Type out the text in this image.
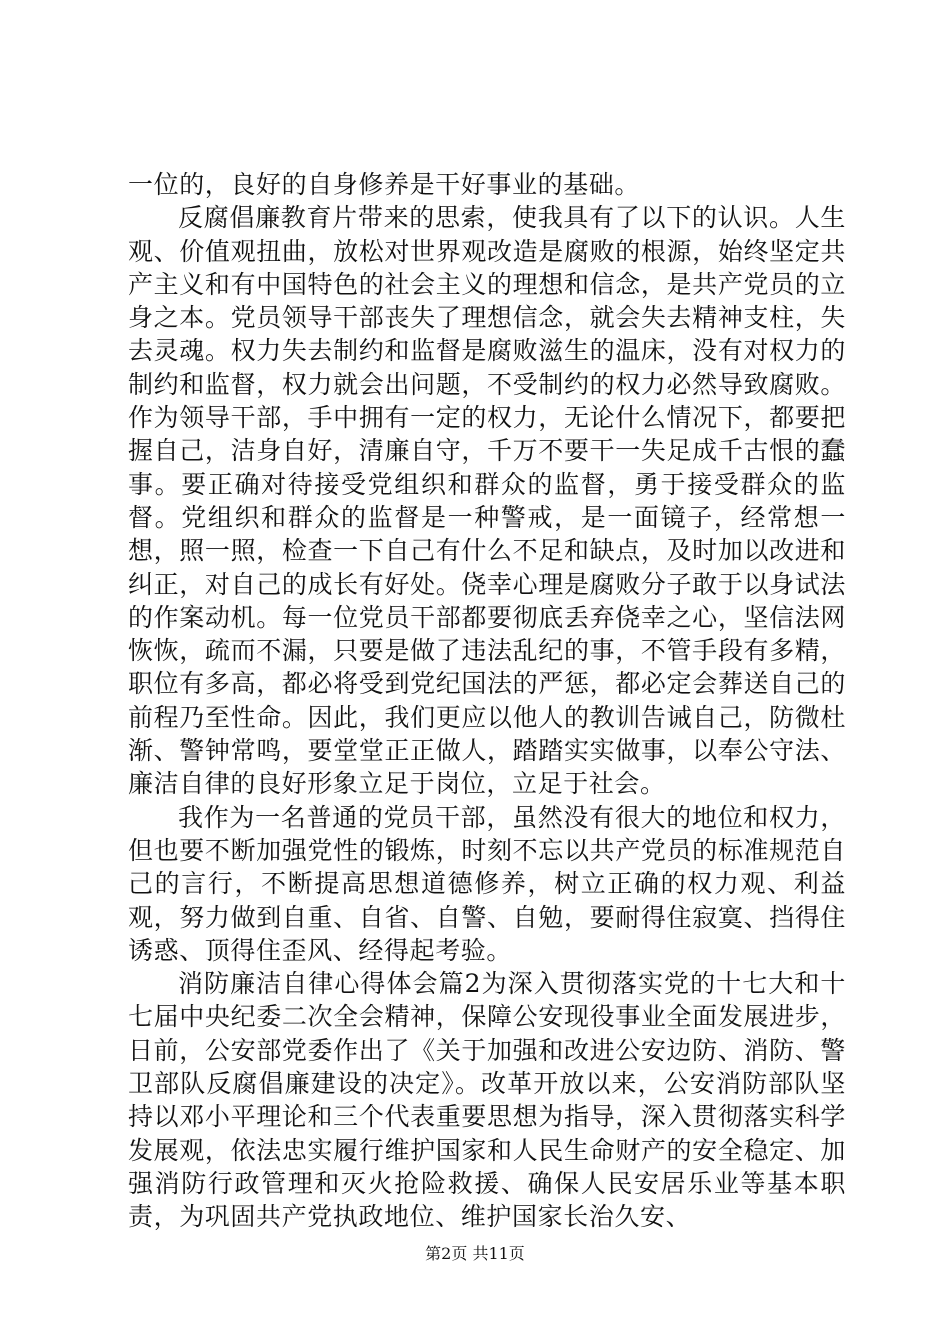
一位的，良好的自身修养是干好事业的基础。

反腐倡廉教育片带来的思索，使我具有了以下的认识。人生观、价值观扭曲，放松对世界观改造是腐败的根源，始终坚定共产主义和有中国特色的社会主义的理想和信念，是共产党员的立身之本。党员领导干部丧失了理想信念，就会失去精神支柱，失去灵魂。权力失去制约和监督是腐败滋生的温床，没有对权力的制约和监督，权力就会出问题，不受制约的权力必然导致腐败。作为领导干部，手中拥有一定的权力，无论什么情况下，都要把握自己，洁身自好，清廉自守，千万不要干一失足成千古恨的蠢事。要正确对待接受党组织和群众的监督，勇于接受群众的监督。党组织和群众的监督是一种警戒，是一面镜子，经常想一想，照一照，检查一下自己有什么不足和缺点，及时加以改进和纠正，对自己的成长有好处。侥幸心理是腐败分子敢于以身试法的作案动机。每一位党员干部都要彻底丢弃侥幸之心，坚信法网恢恢，疏而不漏，只要是做了违法乱纪的事，不管手段有多精，职位有多高，都必将受到党纪国法的严惩，都必定会葬送自己的前程乃至性命。因此，我们更应以他人的教训告诫自己，防微杜渐、警钟常鸣，要堂堂正正做人，踏踏实实做事，以奉公守法、廉洁自律的良好形象立足于岗位，立足于社会。

我作为一名普通的党员干部，虽然没有很大的地位和权力，但也要不断加强党性的锻炼，时刻不忘以共产党员的标准规范自己的言行，不断提高思想道德修养，树立正确的权力观、利益观，努力做到自重、自省、自警、自勉，要耐得住寂寞、挡得住诱惑、顶得住歪风、经得起考验。

消防廉洁自律心得体会篇2为深入贯彻落实党的十七大和十七届中央纪委二次全会精神，保障公安现役事业全面发展进步，日前，公安部党委作出了《关于加强和改进公安边防、消防、警卫部队反腐倡廉建设的决定》。改革开放以来，公安消防部队坚持以邓小平理论和三个代表重要思想为指导，深入贯彻落实科学发展观，依法忠实履行维护国家和人民生命财产的安全稳定、加强消防行政管理和灭火抢险救援、确保人民安居乐业等基本职责，为巩固共产党执政地位、维护国家长治久安、

第2页 共11页
